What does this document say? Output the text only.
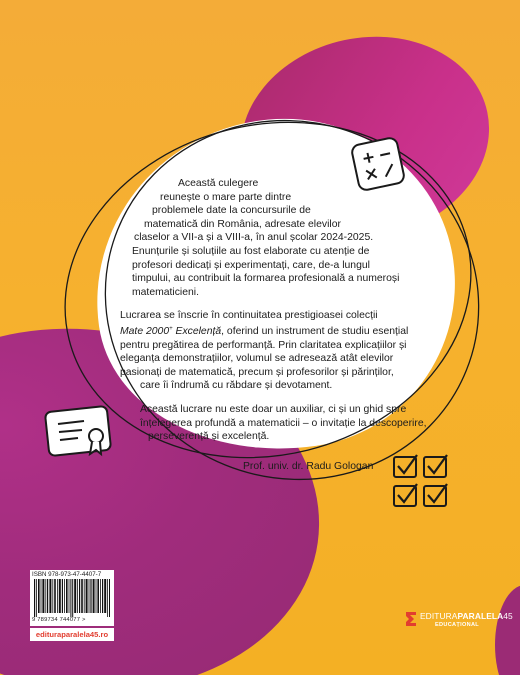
Această culegere
reunește o mare parte dintre
problemele date la concursurile de
matematică din România, adresate elevilor
claselor a VII-a și a VIII-a, în anul școlar 2024-2025.
Enunțurile și soluțiile au fost elaborate cu atenție de
profesori dedicați și experimentați, care, de-a lungul
timpului, au contribuit la formarea profesională a numeroși
matematicieni.

Lucrarea se înscrie în continuitatea prestigioasei colecții
Mate 2000+ Excelență, oferind un instrument de studiu esențial
pentru pregătirea de performanță. Prin claritatea explicațiilor și
eleganța demonstrațiilor, volumul se adresează atât elevilor
pasionați de matematică, precum și profesorilor și părinților,
care îi îndrumă cu răbdare și devotament.

Această lucrare nu este doar un auxiliar, ci și un ghid spre
înțelegerea profundă a matematicii – o invitație la descoperire,
perseverență și excelență.

Prof. univ. dr. Radu Gologan
ISBN 978-973-47-4407-7
9 789734 744077 >
edituraparalela45.ro
EDITURAPARALELA45
EDUCAȚIONAL
